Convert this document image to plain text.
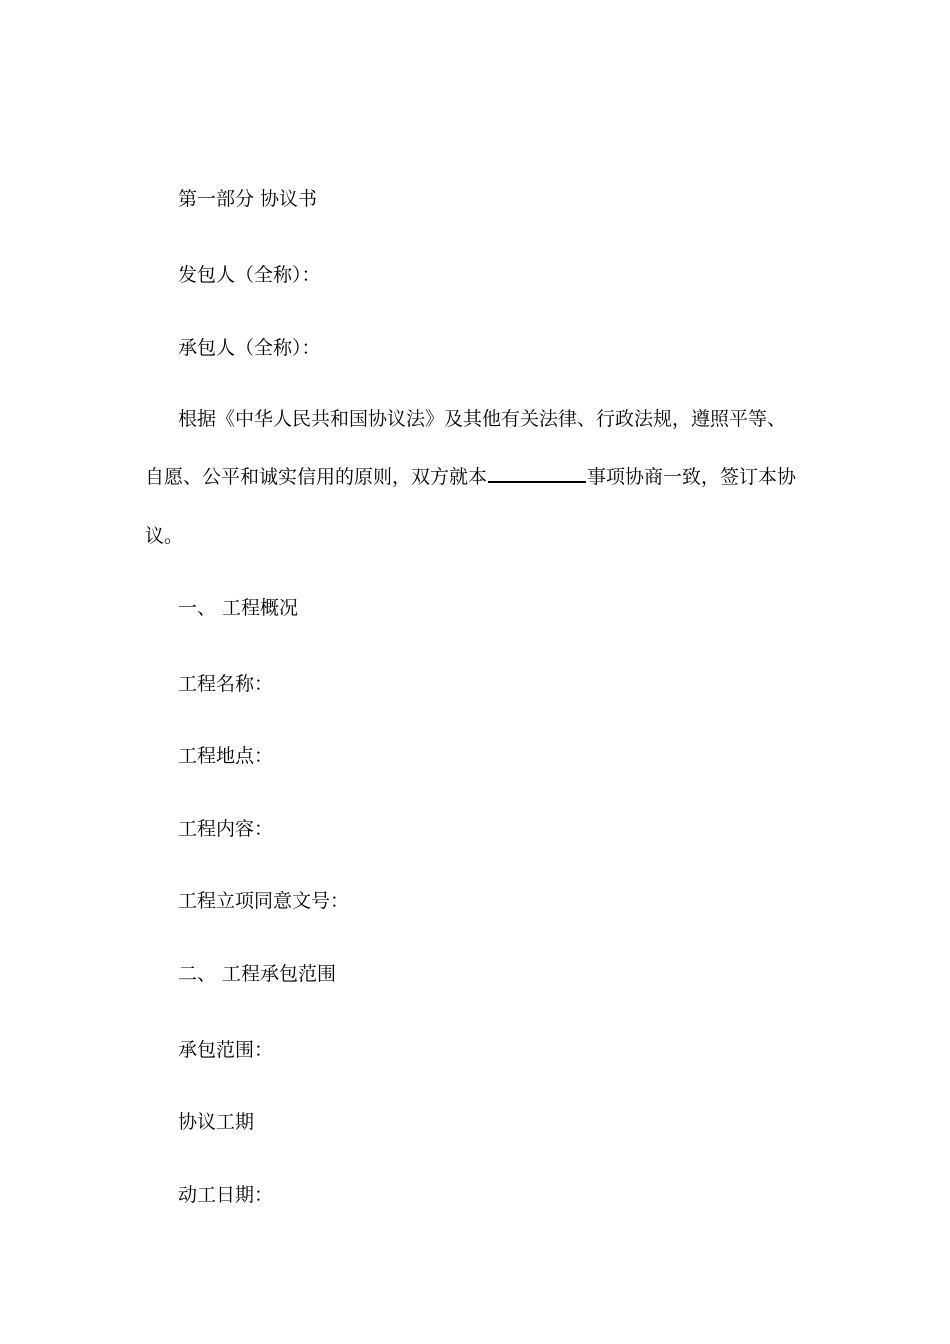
第一部分 协议书
发包人（全称）：
承包人（全称）：
根据《中华人民共和国协议法》及其他有关法律、行政法规，遵照平等、
自愿、公平和诚实信用的原则，双方就本	事项协商一致，签订本协
议。
一、 工程概况
工程名称：
工程地点：
工程内容：
工程立项同意文号：
二、 工程承包范围
承包范围：
协议工期
动工日期：
